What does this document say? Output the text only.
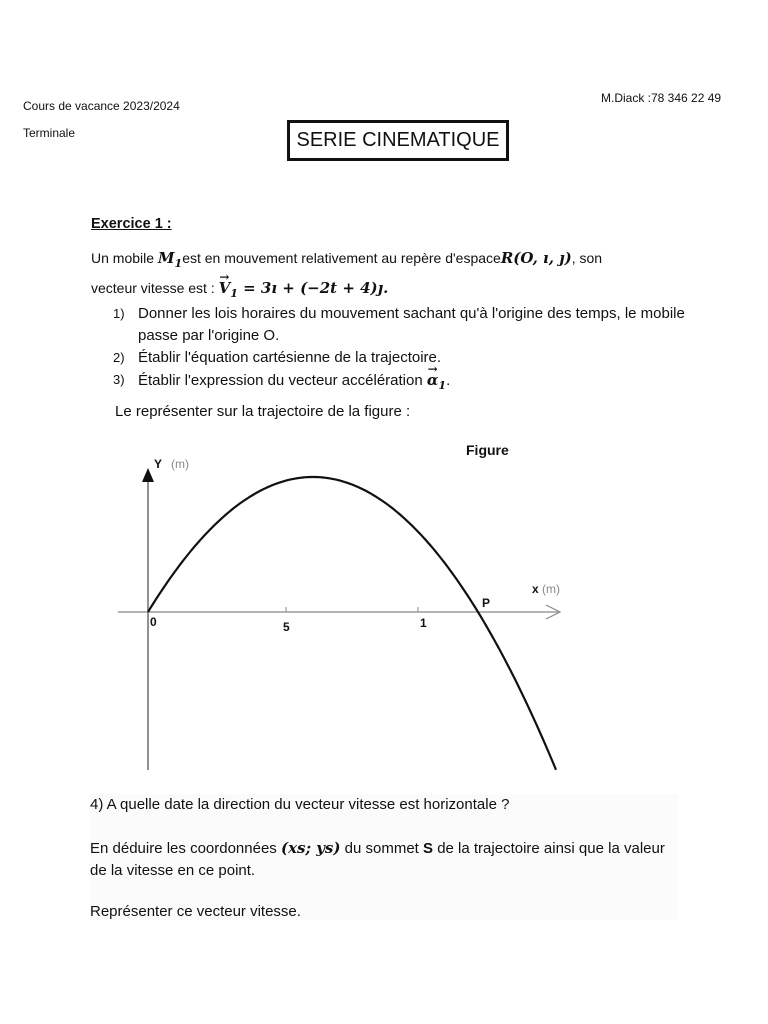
Cours de vacance 2023/2024
Terminale
M.Diack :78 346 22 49
SERIE CINEMATIQUE
Exercice 1 :
Un mobile $M_1est$ en mouvement relativement au repère d'espaceR(O, ı, ȷ), son
vecteur vitesse est : → $V_1$ = 3ı + (−2t + 4)ȷ.
1) Donner les lois horaires du mouvement sachant qu'à l'origine des temps, le mobile passe par l'origine O.
2) Établir l'équation cartésienne de la trajectoire.
3) Établir l'expression du vecteur accélération → $\alpha_1$.
Le représenter sur la trajectoire de la figure :
Figure
Y (m)
x (m)
0	5	1
P

4) A quelle date la direction du vecteur vitesse est horizontale ?

En déduire les coordonnées (xs; ys) du sommet S de la trajectoire ainsi que la valeur de la vitesse en ce point.

Représenter ce vecteur vitesse.
